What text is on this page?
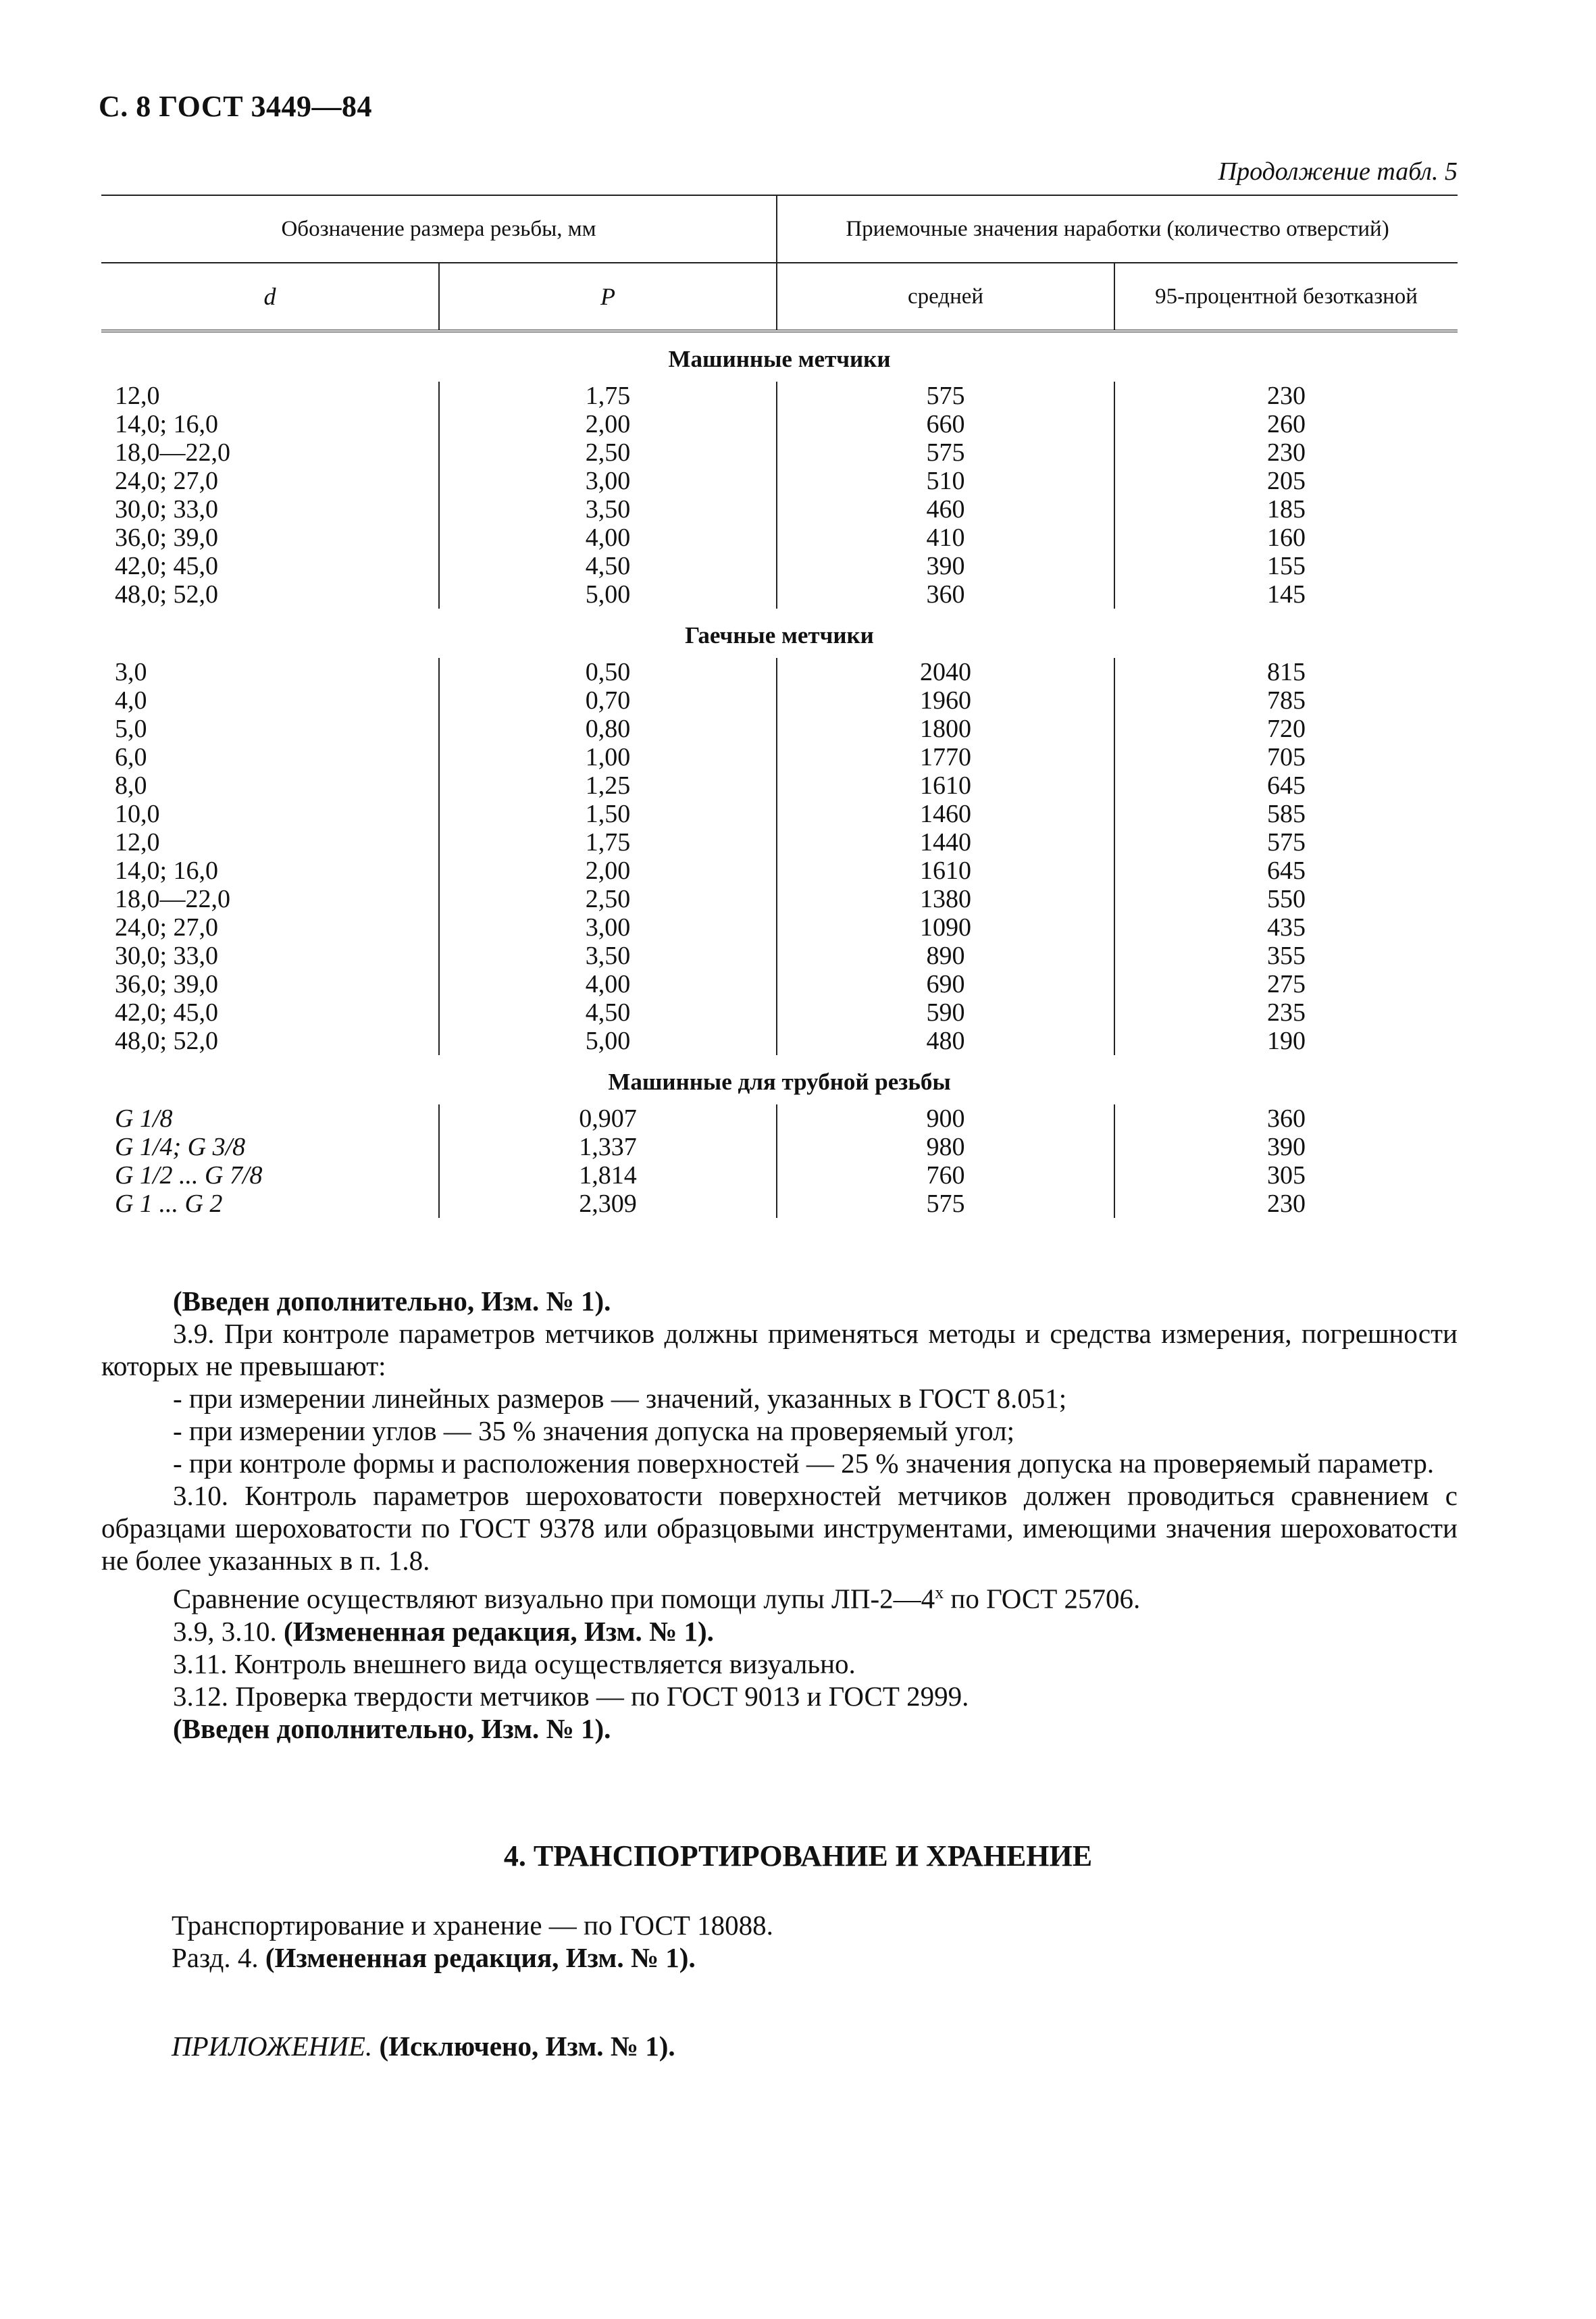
С. 8 ГОСТ 3449—84
Продолжение табл. 5
Обозначение размера резьбы, мм		Приемочные значения наработки (количество отверстий)	
d	P	средней	95-процентной безотказной
Машинные метчики			
12,0	1,75	575	230
14,0; 16,0	2,00	660	260
18,0—22,0	2,50	575	230
24,0; 27,0	3,00	510	205
30,0; 33,0	3,50	460	185
36,0; 39,0	4,00	410	160
42,0; 45,0	4,50	390	155
48,0; 52,0	5,00	360	145
Гаечные метчики			
3,0	0,50	2040	815
4,0	0,70	1960	785
5,0	0,80	1800	720
6,0	1,00	1770	705
8,0	1,25	1610	645
10,0	1,50	1460	585
12,0	1,75	1440	575
14,0; 16,0	2,00	1610	645
18,0—22,0	2,50	1380	550
24,0; 27,0	3,00	1090	435
30,0; 33,0	3,50	890	355
36,0; 39,0	4,00	690	275
42,0; 45,0	4,50	590	235
48,0; 52,0	5,00	480	190
Машинные для трубной резьбы			
G 1/8	0,907	900	360
G 1/4; G 3/8	1,337	980	390
G 1/2 ... G 7/8	1,814	760	305
G 1 ... G 2	2,309	575	230

(Введен дополнительно, Изм. № 1).

3.9. При контроле параметров метчиков должны применяться методы и средства измерения, погрешности которых не превышают:

- при измерении линейных размеров — значений, указанных в ГОСТ 8.051;

- при измерении углов — 35 % значения допуска на проверяемый угол;

- при контроле формы и расположения поверхностей — 25 % значения допуска на проверяемый параметр.

3.10. Контроль параметров шероховатости поверхностей метчиков должен проводиться сравнением с образцами шероховатости по ГОСТ 9378 или образцовыми инструментами, имеющими значения шероховатости не более указанных в п. 1.8.

Сравнение осуществляют визуально при помощи лупы $ЛП-2—4^х$ по ГОСТ 25706.

3.9, 3.10. (Измененная редакция, Изм. № 1).

3.11. Контроль внешнего вида осуществляется визуально.

3.12. Проверка твердости метчиков — по ГОСТ 9013 и ГОСТ 2999.

(Введен дополнительно, Изм. № 1).

4. ТРАНСПОРТИРОВАНИЕ И ХРАНЕНИЕ

Транспортирование и хранение — по ГОСТ 18088.

Разд. 4. (Измененная редакция, Изм. № 1).

ПРИЛОЖЕНИЕ. (Исключено, Изм. № 1).
